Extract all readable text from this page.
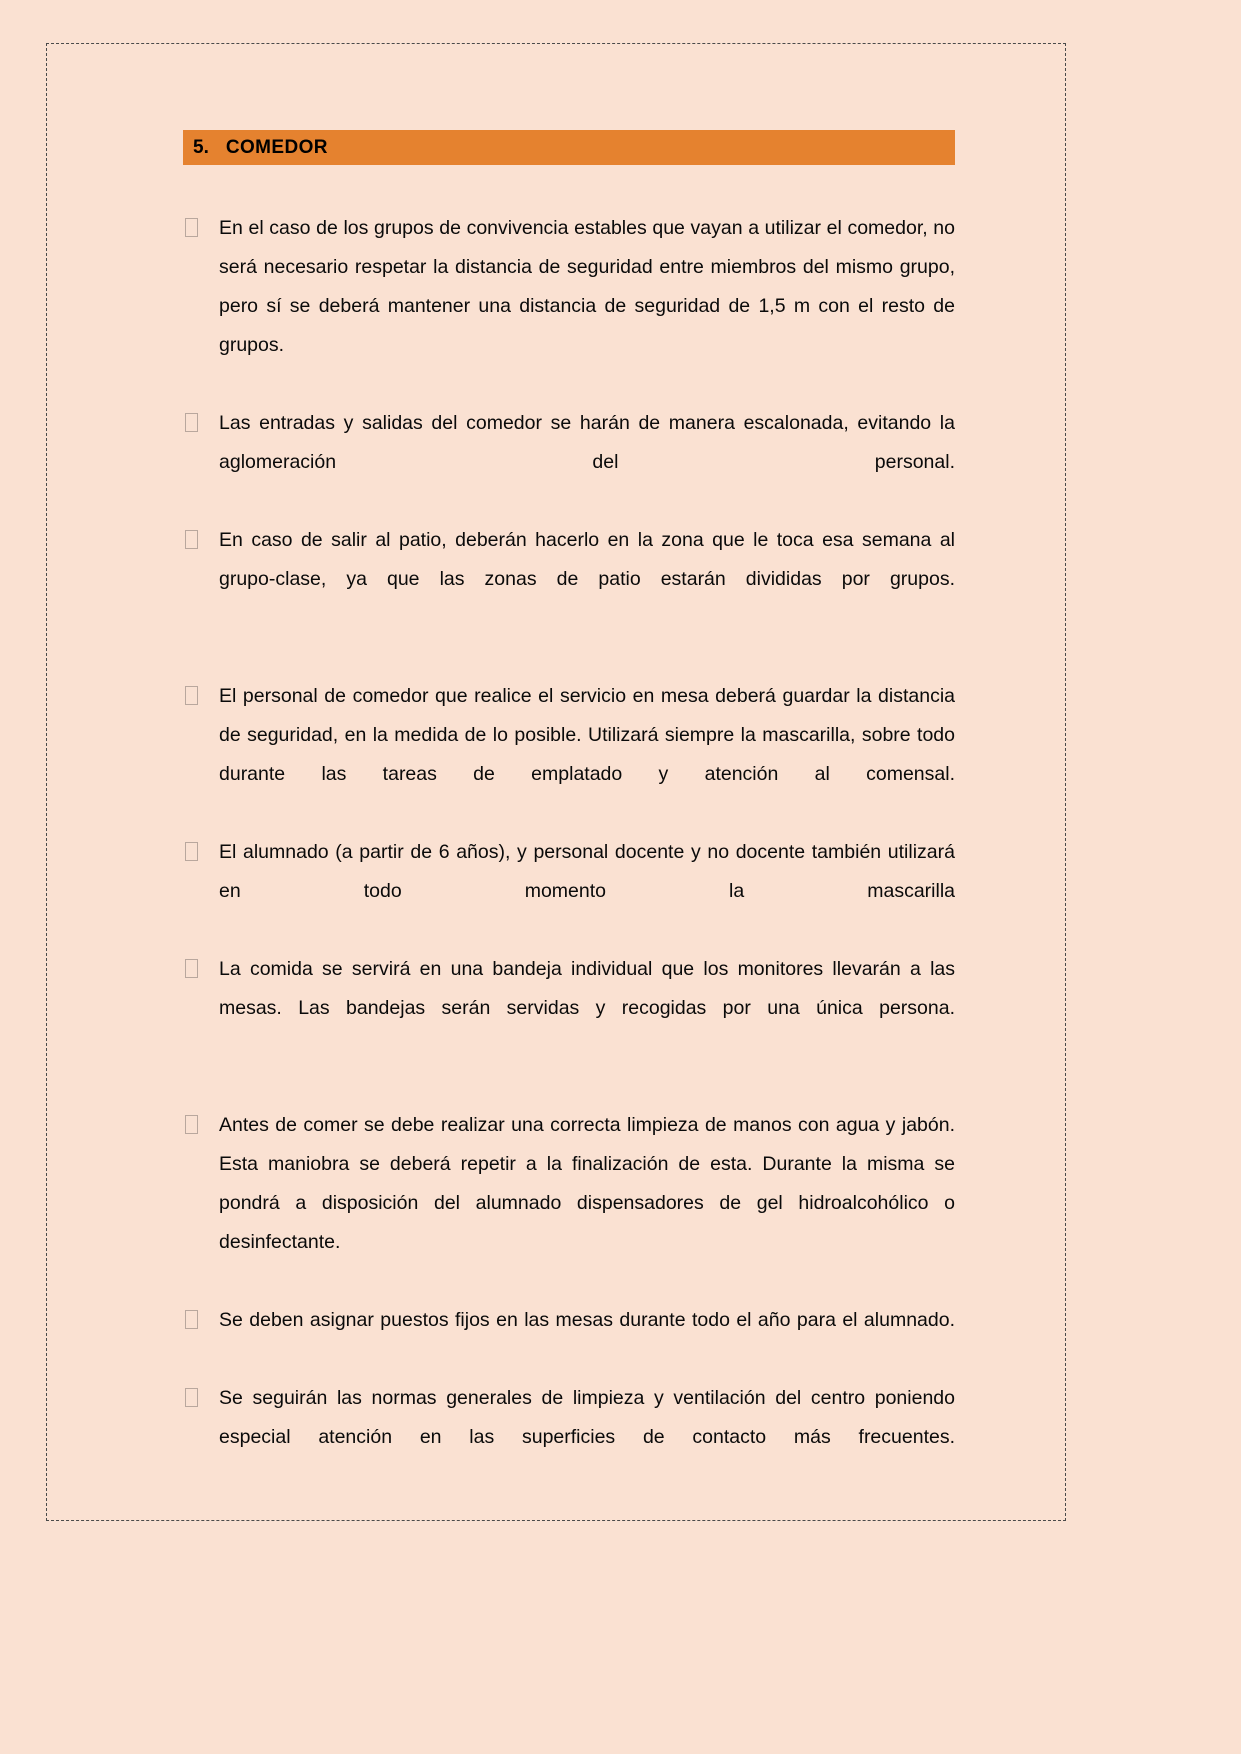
5. COMEDOR
En el caso de los grupos de convivencia estables que vayan a utilizar el comedor, no será necesario respetar la distancia de seguridad entre miembros del mismo grupo, pero sí se deberá mantener una distancia de seguridad de 1,5 m con el resto de grupos.
Las entradas y salidas del comedor se harán de manera escalonada, evitando la aglomeración del personal.
En caso de salir al patio, deberán hacerlo en la zona que le toca esa semana al grupo-clase, ya que las zonas de patio estarán divididas por grupos.
El personal de comedor que realice el servicio en mesa deberá guardar la distancia de seguridad, en la medida de lo posible. Utilizará siempre la mascarilla, sobre todo durante las tareas de emplatado y atención al comensal.
El alumnado (a partir de 6 años), y personal docente y no docente también utilizará en todo momento la mascarilla
La comida se servirá en una bandeja individual que los monitores llevarán a las mesas. Las bandejas serán servidas y recogidas por una única persona.
Antes de comer se debe realizar una correcta limpieza de manos con agua y jabón. Esta maniobra se deberá repetir a la finalización de esta. Durante la misma se pondrá a disposición del alumnado dispensadores de gel hidroalcohólico o desinfectante.
Se deben asignar puestos fijos en las mesas durante todo el año para el alumnado.
Se seguirán las normas generales de limpieza y ventilación del centro poniendo especial atención en las superficies de contacto más frecuentes.
